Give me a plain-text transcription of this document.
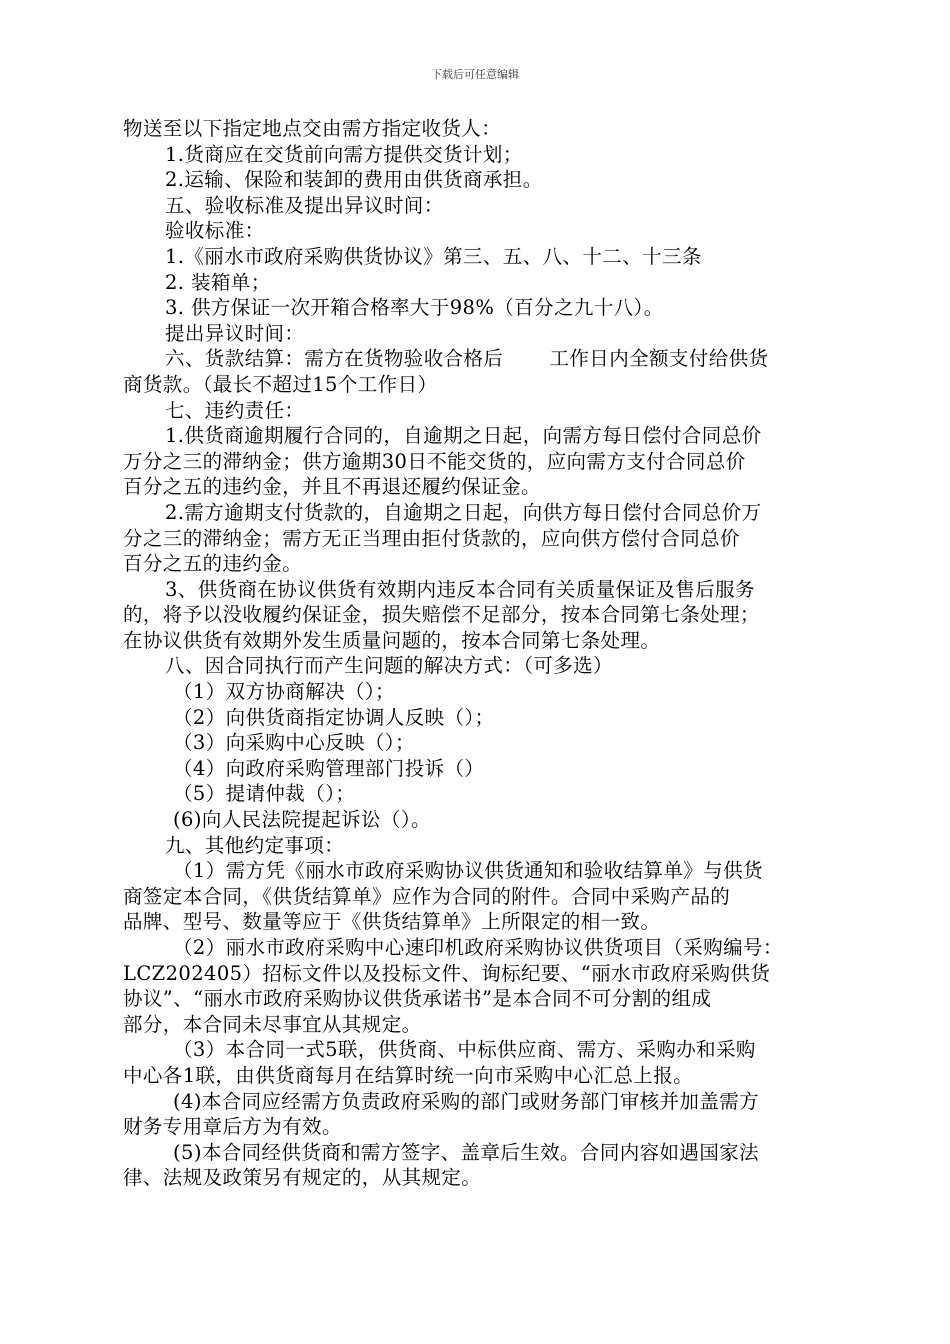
下载后可任意编辑
物送至以下指定地点交由需方指定收货人：
1.货商应在交货前向需方提供交货计划；
2.运输、保险和装卸的费用由供货商承担。
五、验收标准及提出异议时间：
验收标准：
1.《丽水市政府采购供货协议》第三、五、八、十二、十三条
2. 装箱单；
3. 供方保证一次开箱合格率大于98%（百分之九十八）。
提出异议时间：
六、货款结算：需方在货物验收合格后       工作日内全额支付给供货
商货款。（最长不超过15个工作日）
七、违约责任：
1.供货商逾期履行合同的，自逾期之日起，向需方每日偿付合同总价
万分之三的滞纳金；供方逾期30日不能交货的，应向需方支付合同总价
百分之五的违约金，并且不再退还履约保证金。
2.需方逾期支付货款的，自逾期之日起，向供方每日偿付合同总价万
分之三的滞纳金；需方无正当理由拒付货款的，应向供方偿付合同总价
百分之五的违约金。
3、供货商在协议供货有效期内违反本合同有关质量保证及售后服务
的，将予以没收履约保证金，损失赔偿不足部分，按本合同第七条处理；
在协议供货有效期外发生质量问题的，按本合同第七条处理。
八、因合同执行而产生问题的解决方式：（可多选）
（1）双方协商解决（）；
（2）向供货商指定协调人反映（）；
（3）向采购中心反映（）；
（4）向政府采购管理部门投诉（）
（5）提请仲裁（）；
(6)向人民法院提起诉讼（）。
九、其他约定事项：
（1）需方凭《丽水市政府采购协议供货通知和验收结算单》与供货
商签定本合同，《供货结算单》应作为合同的附件。合同中采购产品的
品牌、型号、数量等应于《供货结算单》上所限定的相一致。
（2）丽水市政府采购中心速印机政府采购协议供货项目（采购编号：
LCZ202405）招标文件以及投标文件、询标纪要、“丽水市政府采购供货
协议”、“丽水市政府采购协议供货承诺书”是本合同不可分割的组成
部分，本合同未尽事宜从其规定。
（3）本合同一式5联，供货商、中标供应商、需方、采购办和采购
中心各1联，由供货商每月在结算时统一向市采购中心汇总上报。
(4)本合同应经需方负责政府采购的部门或财务部门审核并加盖需方
财务专用章后方为有效。
(5)本合同经供货商和需方签字、盖章后生效。合同内容如遇国家法
律、法规及政策另有规定的，从其规定。
